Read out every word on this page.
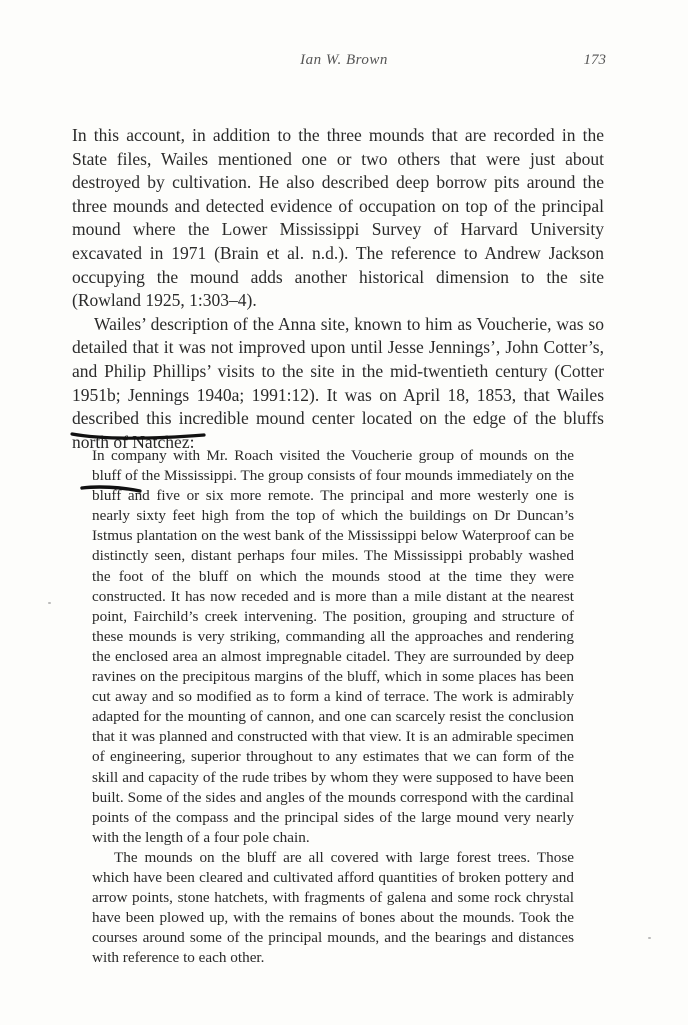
Ian W. Brown	173

In this account, in addition to the three mounds that are recorded in the State files, Wailes mentioned one or two others that were just about destroyed by cultivation. He also described deep borrow pits around the three mounds and detected evidence of occupation on top of the principal mound where the Lower Mississippi Survey of Harvard University excavated in 1971 (Brain et al. n.d.). The reference to Andrew Jackson occupying the mound adds another historical dimension to the site (Rowland 1925, 1:303–4).

Wailes’ description of the Anna site, known to him as Voucherie, was so detailed that it was not improved upon until Jesse Jennings’, John Cotter’s, and Philip Phillips’ visits to the site in the mid-twentieth century (Cotter 1951b; Jennings 1940a; 1991:12). It was on April 18, 1853, that Wailes described this incredible mound center located on the edge of the bluffs north of Natchez:

In company with Mr. Roach visited the Voucherie group of mounds on the bluff of the Mississippi. The group consists of four mounds immediately on the bluff and five or six more remote. The principal and more westerly one is nearly sixty feet high from the top of which the buildings on Dr Duncan’s Istmus plantation on the west bank of the Mississippi below Waterproof can be distinctly seen, distant perhaps four miles. The Mississippi probably washed the foot of the bluff on which the mounds stood at the time they were constructed. It has now receded and is more than a mile distant at the nearest point, Fairchild’s creek intervening. The position, grouping and structure of these mounds is very striking, commanding all the approaches and rendering the enclosed area an almost impregnable citadel. They are surrounded by deep ravines on the precipitous margins of the bluff, which in some places has been cut away and so modified as to form a kind of terrace. The work is admirably adapted for the mounting of cannon, and one can scarcely resist the conclusion that it was planned and constructed with that view. It is an admirable specimen of engineering, superior throughout to any estimates that we can form of the skill and capacity of the rude tribes by whom they were supposed to have been built. Some of the sides and angles of the mounds correspond with the cardinal points of the compass and the principal sides of the large mound very nearly with the length of a four pole chain.

The mounds on the bluff are all covered with large forest trees. Those which have been cleared and cultivated afford quantities of broken pottery and arrow points, stone hatchets, with fragments of galena and some rock chrystal have been plowed up, with the remains of bones about the mounds. Took the courses around some of the principal mounds, and the bearings and distances with reference to each other.
